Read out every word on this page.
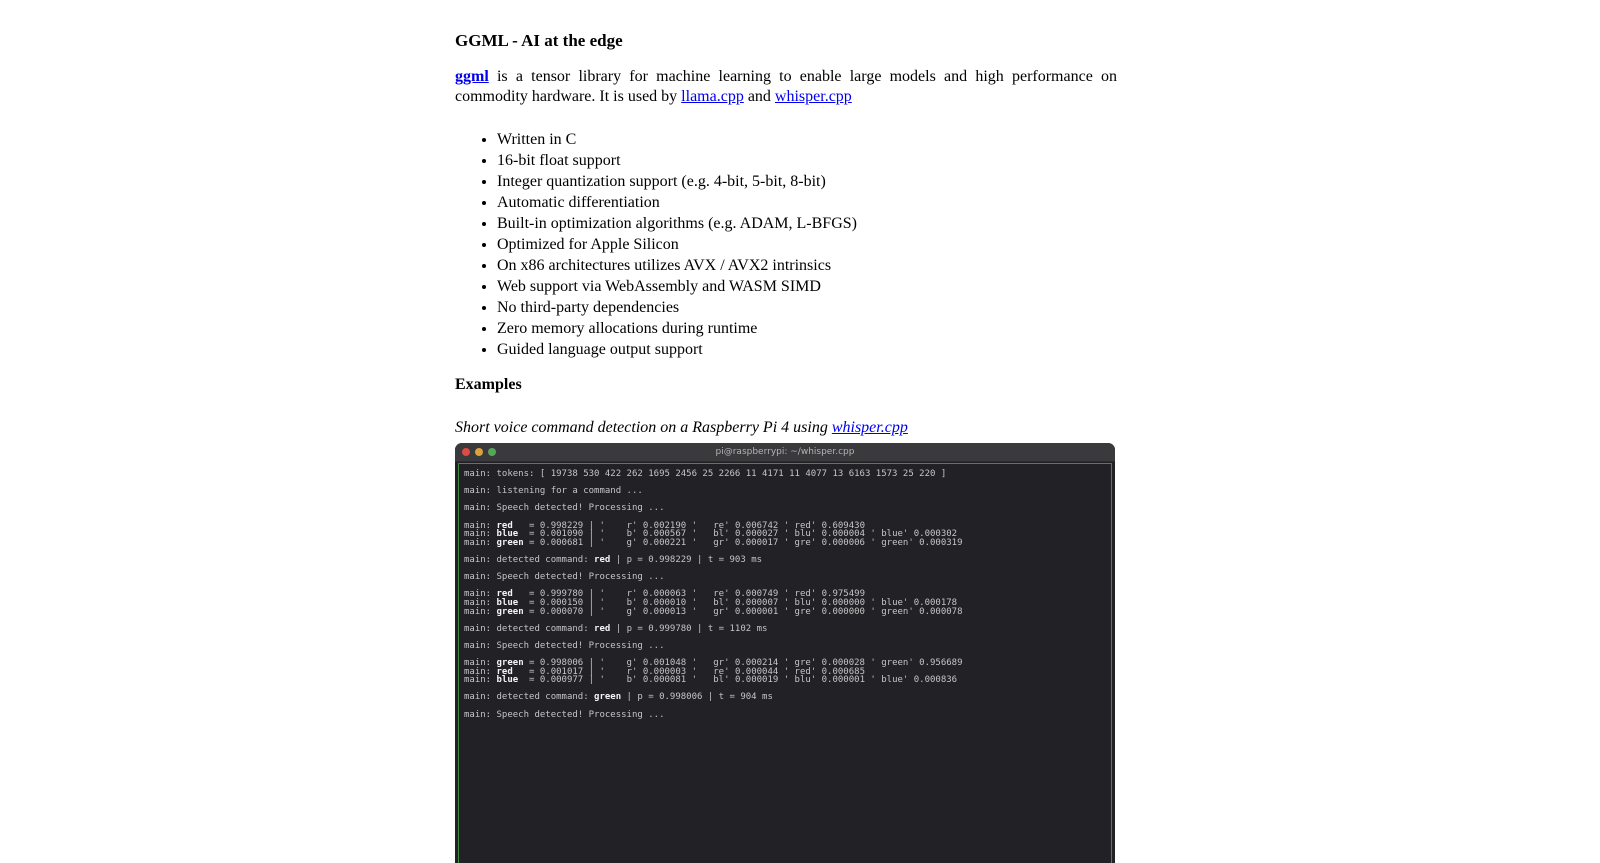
GGML - AI at the edge

ggml is a tensor library for machine learning to enable large models and high performance on commodity hardware. It is used by llama.cpp and whisper.cpp

• Written in C
• 16-bit float support
• Integer quantization support (e.g. 4-bit, 5-bit, 8-bit)
• Automatic differentiation
• Built-in optimization algorithms (e.g. ADAM, L-BFGS)
• Optimized for Apple Silicon
• On x86 architectures utilizes AVX / AVX2 intrinsics
• Web support via WebAssembly and WASM SIMD
• No third-party dependencies
• Zero memory allocations during runtime
• Guided language output support
Examples

Short voice command detection on a Raspberry Pi 4 using whisper.cpp

pi@raspberrypi: ~/whisper.cpp
main: tokens: [ 19738 530 422 262 1695 2456 25 2266 11 4171 11 4077 13 6163 1573 25 220 ]

main: listening for a command ...

main: Speech detected! Processing ...

main: red   = 0.998229 | '    r' 0.002190 '   re' 0.006742 ' red' 0.609430
main: blue  = 0.001090 | '    b' 0.000567 '   bl' 0.000027 ' blu' 0.000004 ' blue' 0.000302
main: green = 0.000681 | '    g' 0.000221 '   gr' 0.000017 ' gre' 0.000006 ' green' 0.000319

main: detected command: red | p = 0.998229 | t = 903 ms

main: Speech detected! Processing ...

main: red   = 0.999780 | '    r' 0.000063 '   re' 0.000749 ' red' 0.975499
main: blue  = 0.000150 | '    b' 0.000010 '   bl' 0.000007 ' blu' 0.000000 ' blue' 0.000178
main: green = 0.000070 | '    g' 0.000013 '   gr' 0.000001 ' gre' 0.000000 ' green' 0.000078

main: detected command: red | p = 0.999780 | t = 1102 ms

main: Speech detected! Processing ...

main: green = 0.998006 | '    g' 0.001048 '   gr' 0.000214 ' gre' 0.000028 ' green' 0.956689
main: red   = 0.001017 | '    r' 0.000003 '   re' 0.000044 ' red' 0.000685
main: blue  = 0.000977 | '    b' 0.000081 '   bl' 0.000019 ' blu' 0.000001 ' blue' 0.000836

main: detected command: green | p = 0.998006 | t = 904 ms

main: Speech detected! Processing ...
